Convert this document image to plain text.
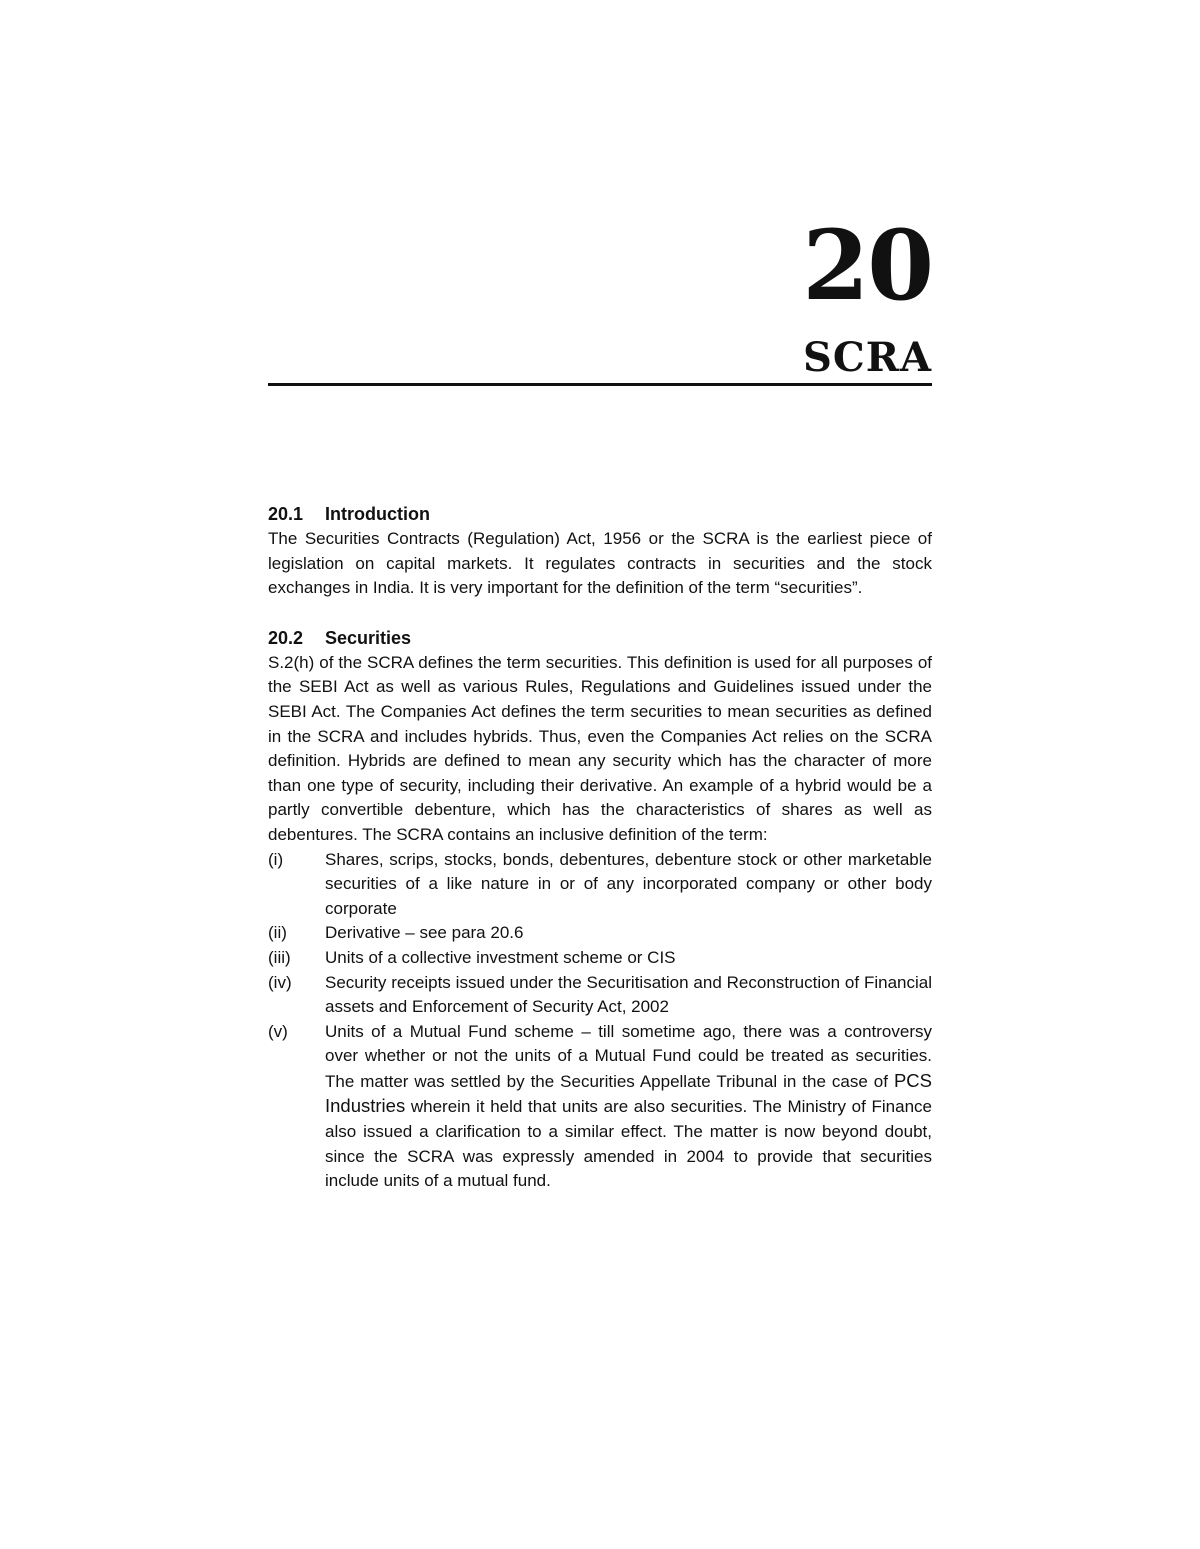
20
SCRA
20.1	Introduction

The Securities Contracts (Regulation) Act, 1956 or the SCRA is the earliest piece of legislation on capital markets. It regulates contracts in securities and the stock exchanges in India. It is very important for the definition of the term “securities”.

20.2	Securities

S.2(h) of the SCRA defines the term securities. This definition is used for all purposes of the SEBI Act as well as various Rules, Regulations and Guidelines issued under the SEBI Act. The Companies Act defines the term securities to mean securities as defined in the SCRA and includes hybrids. Thus, even the Companies Act relies on the SCRA definition. Hybrids are defined to mean any security which has the character of more than one type of security, including their derivative. An example of a hybrid would be a partly convertible debenture, which has the characteristics of shares as well as debentures. The SCRA contains an inclusive definition of the term:

(i)	Shares, scrips, stocks, bonds, debentures, debenture stock or other marketable securities of a like nature in or of any incorporated company or other body corporate
(ii)	Derivative – see para 20.6
(iii)	Units of a collective investment scheme or CIS
(iv)	Security receipts issued under the Securitisation and Reconstruction of Financial assets and Enforcement of Security Act, 2002
(v)	Units of a Mutual Fund scheme – till sometime ago, there was a controversy over whether or not the units of a Mutual Fund could be treated as securities. The matter was settled by the Securities Appellate Tribunal in the case of PCS Industries wherein it held that units are also securities. The Ministry of Finance also issued a clarification to a similar effect. The matter is now beyond doubt, since the SCRA was expressly amended in 2004 to provide that securities include units of a mutual fund.
